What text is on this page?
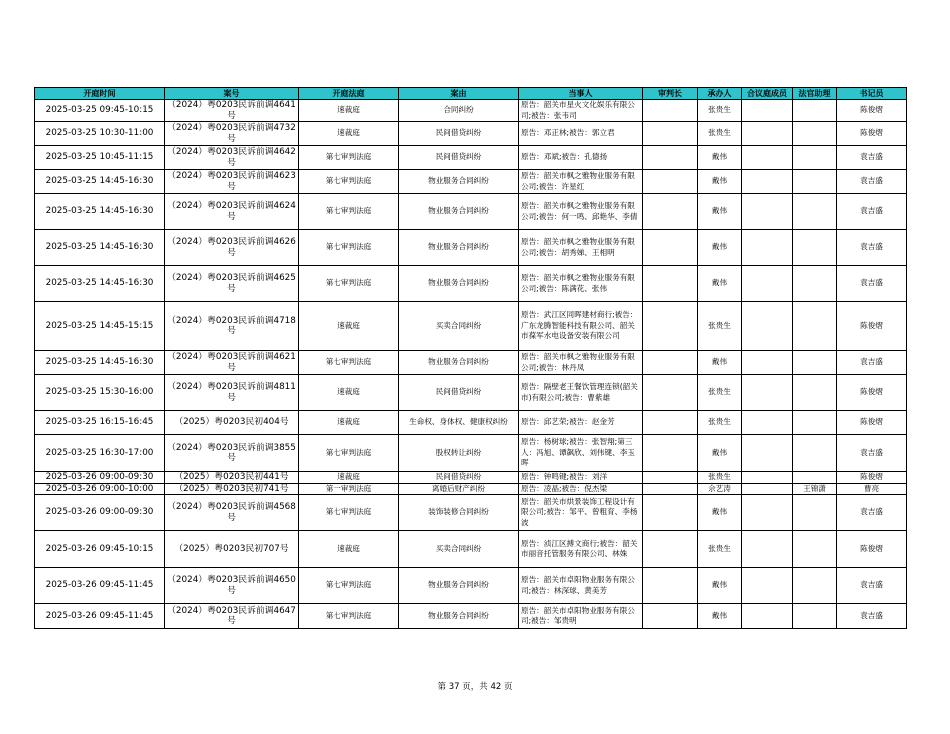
开庭时间	案号	开庭法庭	案由	当事人	审判长	承办人	合议庭成员	法官助理	书记员
2025-03-25 09:45-10:15	（2024）粤0203民诉前调4641号	速裁庭	合同纠纷	原告：韶关市星火文化娱乐有限公司;被告：张韦司		张贵生			陈俊熠
2025-03-25 10:30-11:00	（2024）粤0203民诉前调4732号	速裁庭	民间借贷纠纷	原告：邓正林;被告：郭立君		张贵生			陈俊熠
2025-03-25 10:45-11:15	（2024）粤0203民诉前调4642号	第七审判法庭	民间借贷纠纷	原告：邓斌;被告：孔德扬		戴伟			袁吉盛
2025-03-25 14:45-16:30	（2024）粤0203民诉前调4623号	第七审判法庭	物业服务合同纠纷	原告：韶关市枫之雅物业服务有限公司;被告：许星红		戴伟			袁吉盛
2025-03-25 14:45-16:30	（2024）粤0203民诉前调4624号	第七审判法庭	物业服务合同纠纷	原告：韶关市枫之雅物业服务有限公司;被告：何一鸣、邱艳华、李倩		戴伟			袁吉盛
2025-03-25 14:45-16:30	（2024）粤0203民诉前调4626号	第七审判法庭	物业服务合同纠纷	原告：韶关市枫之雅物业服务有限公司;被告：胡秀娣、王相明		戴伟			袁吉盛
2025-03-25 14:45-16:30	（2024）粤0203民诉前调4625号	第七审判法庭	物业服务合同纠纷	原告：韶关市枫之雅物业服务有限公司;被告：陈满花、张伟		戴伟			袁吉盛
2025-03-25 14:45-15:15	（2024）粤0203民诉前调4718号	速裁庭	买卖合同纠纷	原告：武江区同晖建材商行;被告：广东龙腾智能科技有限公司、韶关市葆军水电设备安装有限公司		张贵生			陈俊熠
2025-03-25 14:45-16:30	（2024）粤0203民诉前调4621号	第七审判法庭	物业服务合同纠纷	原告：韶关市枫之雅物业服务有限公司;被告：林丹凤		戴伟			袁吉盛
2025-03-25 15:30-16:00	（2024）粤0203民诉前调4811号	速裁庭	民间借贷纠纷	原告：隔壁老王餐饮管理连锁(韶关市)有限公司;被告：曹紫雄		张贵生			陈俊熠
2025-03-25 16:15-16:45	（2025）粤0203民初404号	速裁庭	生命权、身体权、健康权纠纷	原告：邱艺荣;被告：赵金芳		张贵生			陈俊熠
2025-03-25 16:30-17:00	（2024）粤0203民诉前调3855号	第七审判法庭	股权转让纠纷	原告：杨树球;被告：张智翔;第三人：冯旭、谭飙欣、刘伟键、李玉晖		戴伟			袁吉盛
2025-03-26 09:00-09:30	（2025）粤0203民初441号	速裁庭	民间借贷纠纷	原告：钟鸣键;被告：刘洋		张贵生			陈俊熠
2025-03-26 09:00-10:00	（2025）粤0203民初741号	第一审判法庭	离婚后财产纠纷	原告：凌晶;被告：倪杰梁		佘艺涛		王锦潇	曹亮
2025-03-26 09:00-09:30	（2024）粤0203民诉前调4568号	第七审判法庭	装饰装修合同纠纷	原告：韶关市烘景装饰工程设计有限公司;被告：邹平、曾粗育、李杨波		戴伟			袁吉盛
2025-03-26 09:45-10:15	（2025）粤0203民初707号	速裁庭	买卖合同纠纷	原告：浈江区搏文商行;被告：韶关市丽音托管服务有限公司、林姝		张贵生			陈俊熠
2025-03-26 09:45-11:45	（2024）粤0203民诉前调4650号	第七审判法庭	物业服务合同纠纷	原告：韶关市卓阳物业服务有限公司;被告：林深球、黄美芳		戴伟			袁吉盛
2025-03-26 09:45-11:45	（2024）粤0203民诉前调4647号	第七审判法庭	物业服务合同纠纷	原告：韶关市卓阳物业服务有限公司;被告：邹贵明		戴伟			袁吉盛
第 37 页，共 42 页
